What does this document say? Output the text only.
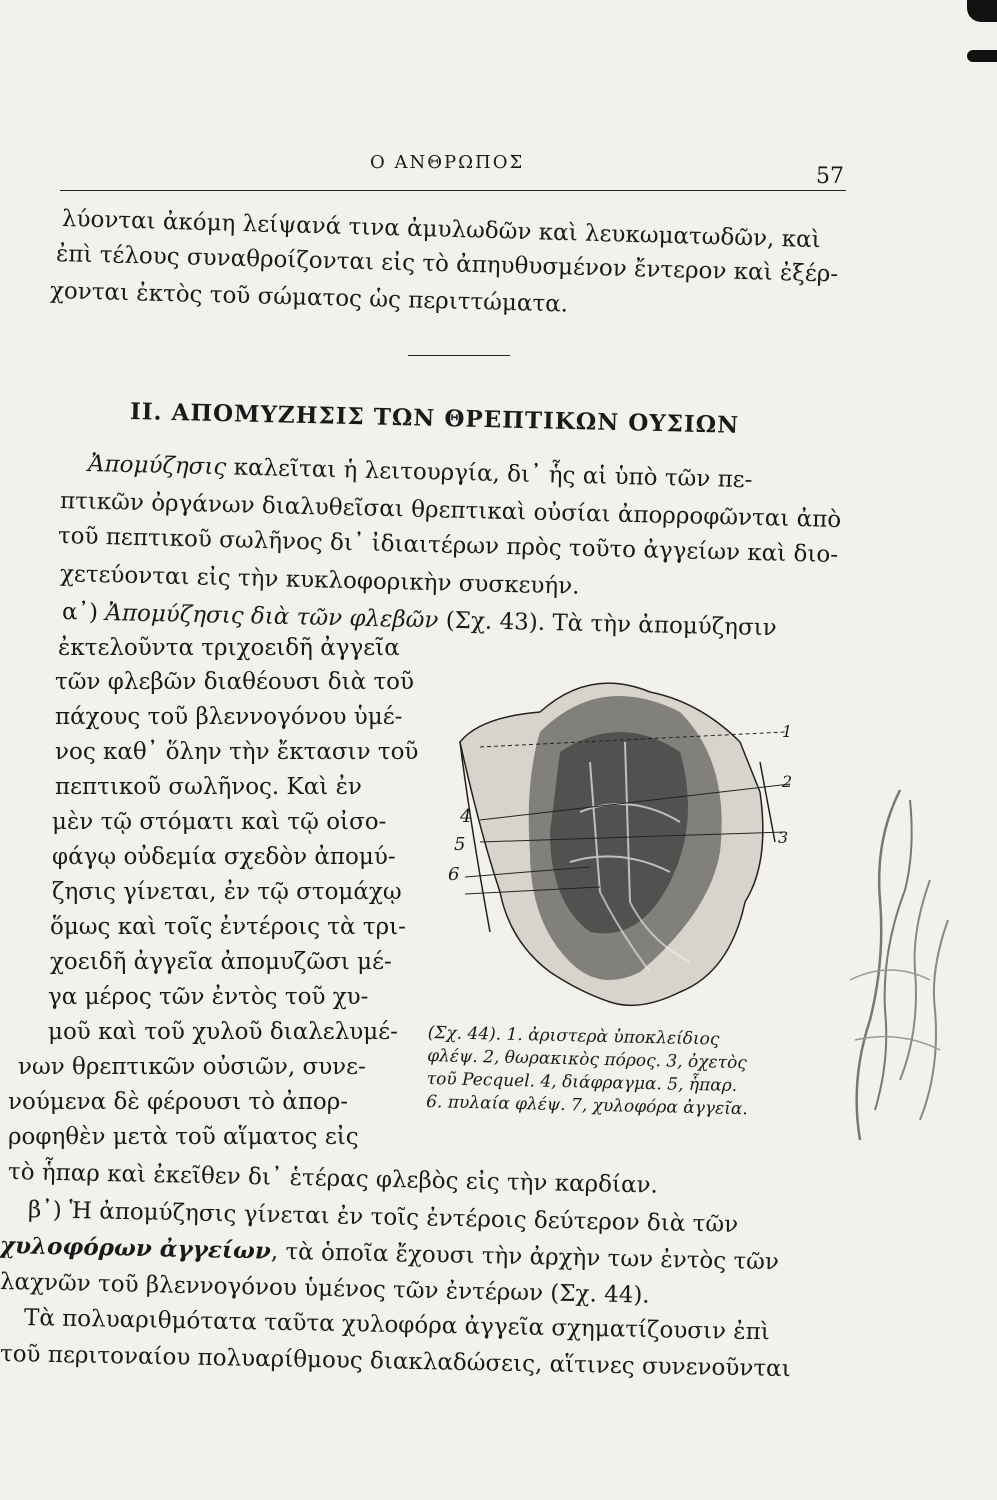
Ο ΑΝΘΡΩΠΟΣ
57
λύονται ἀκόμη λείψανά τινα ἀμυλωδῶν καὶ λευκωματωδῶν, καὶ
ἐπὶ τέλους συναθροίζονται εἰς τὸ ἀπηυθυσμένον ἔντερον καὶ ἐξέρ-
χονται ἐκτὸς τοῦ σώματος ὡς περιττώματα.
ΙΙ. ΑΠΟΜΥΖΗΣΙΣ ΤΩΝ ΘΡΕΠΤΙΚΩΝ ΟΥΣΙΩΝ
Ἀπομύζησις καλεῖται ἡ λειτουργία, δι᾽ ἧς αἱ ὑπὸ τῶν πε-
πτικῶν ὀργάνων διαλυθεῖσαι θρεπτικαὶ οὐσίαι ἀπορροφῶνται ἀπὸ
τοῦ πεπτικοῦ σωλῆνος δι᾽ ἰδιαιτέρων πρὸς τοῦτο ἀγγείων καὶ διο-
χετεύονται εἰς τὴν κυκλοφορικὴν συσκευήν.
α᾽) Ἀπομύζησις διὰ τῶν φλεβῶν (Σχ. 43). Τὰ τὴν ἀπομύζησιν
ἐκτελοῦντα τριχοειδῆ ἀγγεῖα
τῶν φλεβῶν διαθέουσι διὰ τοῦ
πάχους τοῦ βλεννογόνου ὑμέ-
νος καθ᾽ ὅλην τὴν ἔκτασιν τοῦ
πεπτικοῦ σωλῆνος. Καὶ ἐν
μὲν τῷ στόματι καὶ τῷ οἰσο-
φάγῳ οὐδεμία σχεδὸν ἀπομύ-
ζησις γίνεται, ἐν τῷ στομάχῳ
ὅμως καὶ τοῖς ἐντέροις τὰ τρι-
χοειδῆ ἀγγεῖα ἀπομυζῶσι μέ-
γα μέρος τῶν ἐντὸς τοῦ χυ-
μοῦ καὶ τοῦ χυλοῦ διαλελυμέ-
νων θρεπτικῶν οὐσιῶν, συνε-
νούμενα δὲ φέρουσι τὸ ἀπορ-
ροφηθὲν μετὰ τοῦ αἵματος εἰς
τὸ ἧπαρ καὶ ἐκεῖθεν δι᾽ ἑτέρας φλεβὸς εἰς τὴν καρδίαν.
1
2
3
4
5
6
(Σχ. 44). 1. ἀριστερὰ ὑποκλείδιος
φλέψ. 2, θωρακικὸς πόρος. 3, ὀχετὸς
τοῦ Pecquel. 4, διάφραγμα. 5, ἧπαρ.
6. πυλαία φλέψ. 7, χυλοφόρα ἀγγεῖα.
β᾽) Ἡ ἀπομύζησις γίνεται ἐν τοῖς ἐντέροις δεύτερον διὰ τῶν
χυλοφόρων ἀγγείων, τὰ ὁποῖα ἔχουσι τὴν ἀρχὴν των ἐντὸς τῶν
λαχνῶν τοῦ βλεννογόνου ὑμένος τῶν ἐντέρων (Σχ. 44).
Τὰ πολυαριθμότατα ταῦτα χυλοφόρα ἀγγεῖα σχηματίζουσιν ἐπὶ
τοῦ περιτοναίου πολυαρίθμους διακλαδώσεις, αἵτινες συνενοῦνται
